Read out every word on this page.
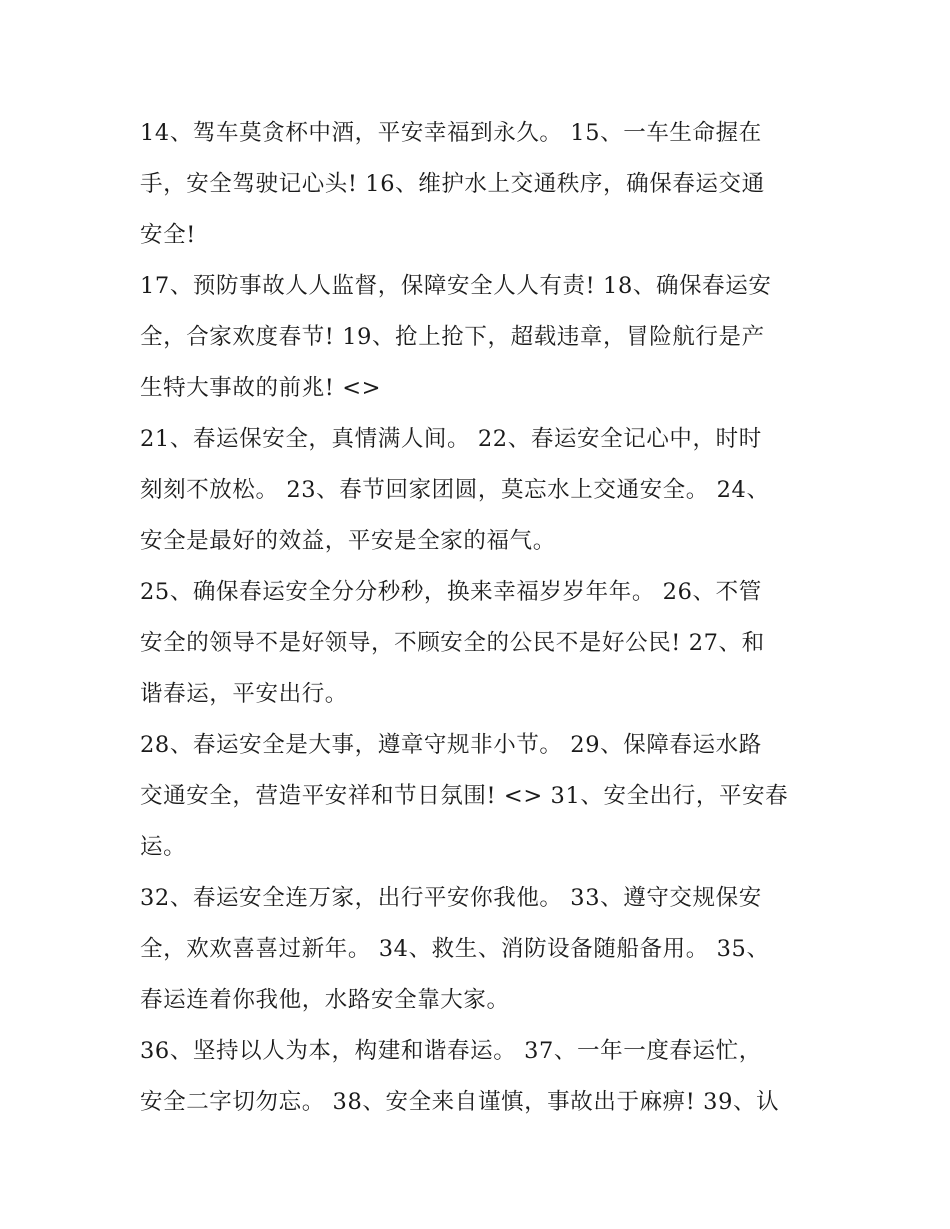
14、驾车莫贪杯中酒，平安幸福到永久。 15、一车生命握在
手，安全驾驶记心头! 16、维护水上交通秩序，确保春运交通
安全!

17、预防事故人人监督，保障安全人人有责! 18、确保春运安
全，合家欢度春节! 19、抢上抢下，超载违章，冒险航行是产
生特大事故的前兆! <>

21、春运保安全，真情满人间。 22、春运安全记心中，时时
刻刻不放松。 23、春节回家团圆，莫忘水上交通安全。 24、
安全是最好的效益，平安是全家的福气。

25、确保春运安全分分秒秒，换来幸福岁岁年年。 26、不管
安全的领导不是好领导，不顾安全的公民不是好公民! 27、和
谐春运，平安出行。

28、春运安全是大事，遵章守规非小节。 29、保障春运水路
交通安全，营造平安祥和节日氛围! <> 31、安全出行，平安春
运。

32、春运安全连万家，出行平安你我他。 33、遵守交规保安
全，欢欢喜喜过新年。 34、救生、消防设备随船备用。 35、
春运连着你我他，水路安全靠大家。

36、坚持以人为本，构建和谐春运。 37、一年一度春运忙，
安全二字切勿忘。 38、安全来自谨慎，事故出于麻痹! 39、认
